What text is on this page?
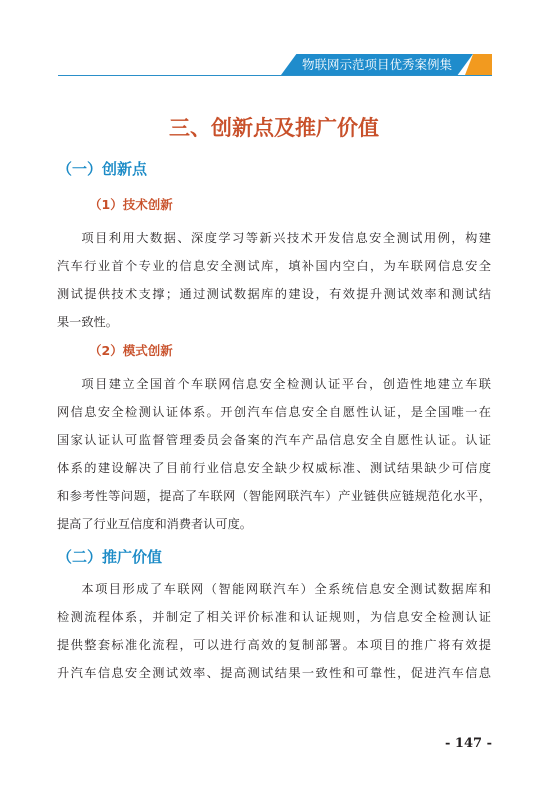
物联网示范项目优秀案例集
三、创新点及推广价值
（一）创新点
（1）技术创新
项目利用大数据、深度学习等新兴技术开发信息安全测试用例，构建
汽车行业首个专业的信息安全测试库，填补国内空白，为车联网信息安全
测试提供技术支撑；通过测试数据库的建设，有效提升测试效率和测试结
果一致性。
（2）模式创新
项目建立全国首个车联网信息安全检测认证平台，创造性地建立车联
网信息安全检测认证体系。开创汽车信息安全自愿性认证，是全国唯一在
国家认证认可监督管理委员会备案的汽车产品信息安全自愿性认证。认证
体系的建设解决了目前行业信息安全缺少权威标准、测试结果缺少可信度
和参考性等问题，提高了车联网（智能网联汽车）产业链供应链规范化水平，
提高了行业互信度和消费者认可度。
（二）推广价值
本项目形成了车联网（智能网联汽车）全系统信息安全测试数据库和
检测流程体系，并制定了相关评价标准和认证规则，为信息安全检测认证
提供整套标准化流程，可以进行高效的复制部署。本项目的推广将有效提
升汽车信息安全测试效率、提高测试结果一致性和可靠性，促进汽车信息
- 147 -
